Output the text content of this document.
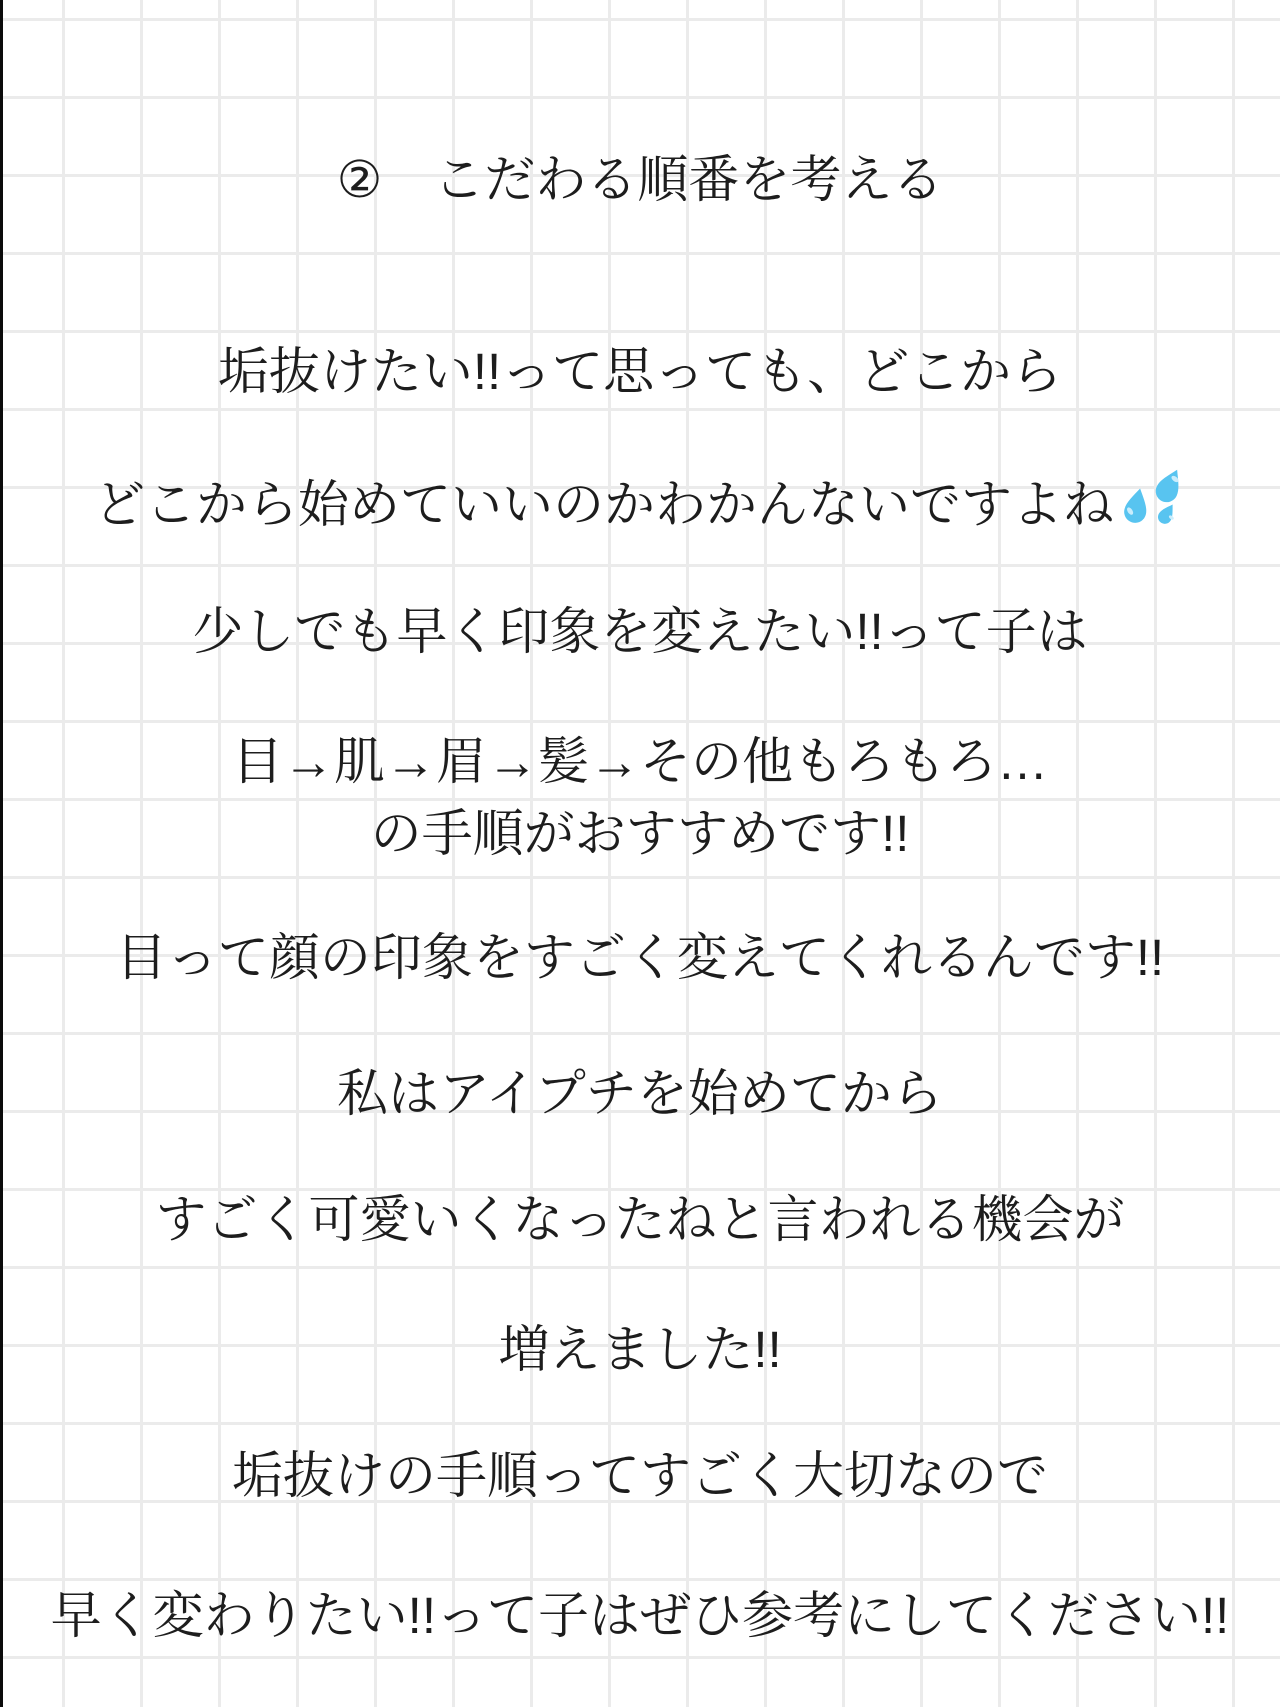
②　こだわる順番を考える
垢抜けたい!!って思っても、どこから
どこから始めていいのかわかんないですよね
少しでも早く印象を変えたい!!って子は
目→肌→眉→髪→その他もろもろ…
の手順がおすすめです!!
目って顔の印象をすごく変えてくれるんです!!
私はアイプチを始めてから
すごく可愛いくなったねと言われる機会が
増えました!!
垢抜けの手順ってすごく大切なので
早く変わりたい!!って子はぜひ参考にしてください!!
